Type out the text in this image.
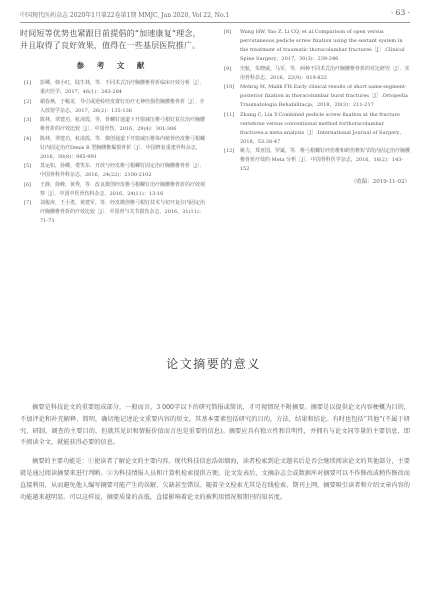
中国现代医药杂志 2020年1月第22卷第1期 MMJC, Jan 2020, Vol 22, No.1	· 63 ·

时间短等优势也紧跟目前提倡的“加速康复”理念，并且取得了良好效果，值得在一些基层医院推广。

参 考 文 献
[1] 彭卿，韩小红，陆生林，等．不同术式治疗胸腰椎骨折临床疗效分析［J］．重庆医学，2017，46(1)：283-284
[2] 谢春燕，于峻龙．导引或逆转经皮置钉治疗无神经损伤胸腰椎骨折［J］．介入放射学杂志，2017，26(2)：135-136
[3] 陈林，翠建功，杭凌霞，等．骨螺钉通道下开窗减压椎弓根钉复位治疗胸腰椎骨折的疗效比较［J］．中国骨伤，2016，29(4)：301-306
[4] 陈林，翠建功，杭凌霞，等．微创通道下开窗减压椎体内植骨经皮椎弓根螺钉内固定治疗Denis B 型胸腰椎爆裂骨折［J］．中国修复重建外科杂志，2016，30(8)：985-991
[5] 莫运如，孙卿，费笑东．开放与经皮椎弓根螺钉固定治疗胸腰椎骨折［J］．中国骨科外科杂志，2016，24(22)：2100-2102
[6] 王静，徐峰，黄秀，等．改良微创经皮椎弓根螺钉治疗胸腰椎骨折的疗效观察［J］．中国中医骨伤科杂志，2016，24(11)：13-16
[7] 刘俊涛，王小勇，黄建军，等．经皮微创椎弓根钉技术与切开复位内固定治疗胸腰椎骨折的疗效比较［J］．中国骨与关节损伤杂志，2016，31(11)：71-73
[8] Wang HW, Yao Z, Li CQ, et al.Comparison of open versus percutaneous pedicle screw fixation using the sextant system in the treatment of traumatic thoracolumbar fractures［J］.Clinical Spine Surgery，2017，30(3)：239-246
[9] 史航，朱晓威，马军，等．两种不同术式治疗胸腰椎骨折的对比研究［J］．实用骨科杂志，2016，22(9)：819-822
[10] Mehraj M, Malik FH.Early clinical results of short same-segment-posterior fixation in thoracolumbar burst fractures［J］.Ortopedia Traumatologia Rehabilitacja，2018，20(3)：211-217
[11] Zhang C, Liu Y.Combined pedicle screw fixation at the fracture vertebrae versus conventional method forthoracolumbar fractures:a meta-analysis［J］.International Journal of Surgery，2018，53:38-47
[12] 姚力，郑亚国，罗斌，等．椎弓根螺钉经伤椎和跨伤椎短节段内固定治疗胸腰椎骨折疗效的 Meta 分析［J］．中国骨科医学杂志，2016，16(2)：143-152
（收稿：2019-11-02）
论文摘要的意义

摘要是科技论文的重要组成部分，一般而言，3 000字以下的研究简报或简讯，才可视情况不附摘要。摘要是以提供论文内容梗概为目的，不加评论和补充解释，简明，确切地记述论文重要内容的短文。其基本要素包括研究的目的，方法，结果和结论。有时也包括“其他”(不属于研究、研制、调查的主要目的，但就其见识和情报价值而言也是重要的信息)。摘要应具有独立性和自明性，并拥有与论文同等量的主要信息，即不阅读全文，就能获得必要的信息。

摘要的主要功能是：①使读者了解论文的主要内容。现代科技信息浩如烟海，读者检索到论文题名后是否会继续阅读论文的其他部分，主要就是通过阅读摘要来进行判断。②为科技情报人员和计算机检索提供方便。论文发表后，文摘杂志会或数据库对摘要可以不作修改或稍作修改而直接利用，从而避免他人编写摘要可能产生的误解、欠缺甚至错误。随着全文检索尤其是在线检索、期刊上网，摘要吸引读者和介绍文章内容的功能越来越明显。可以这样说，摘要质量的高低，直接影响着论文的被利用情况和期刊的知名度。
